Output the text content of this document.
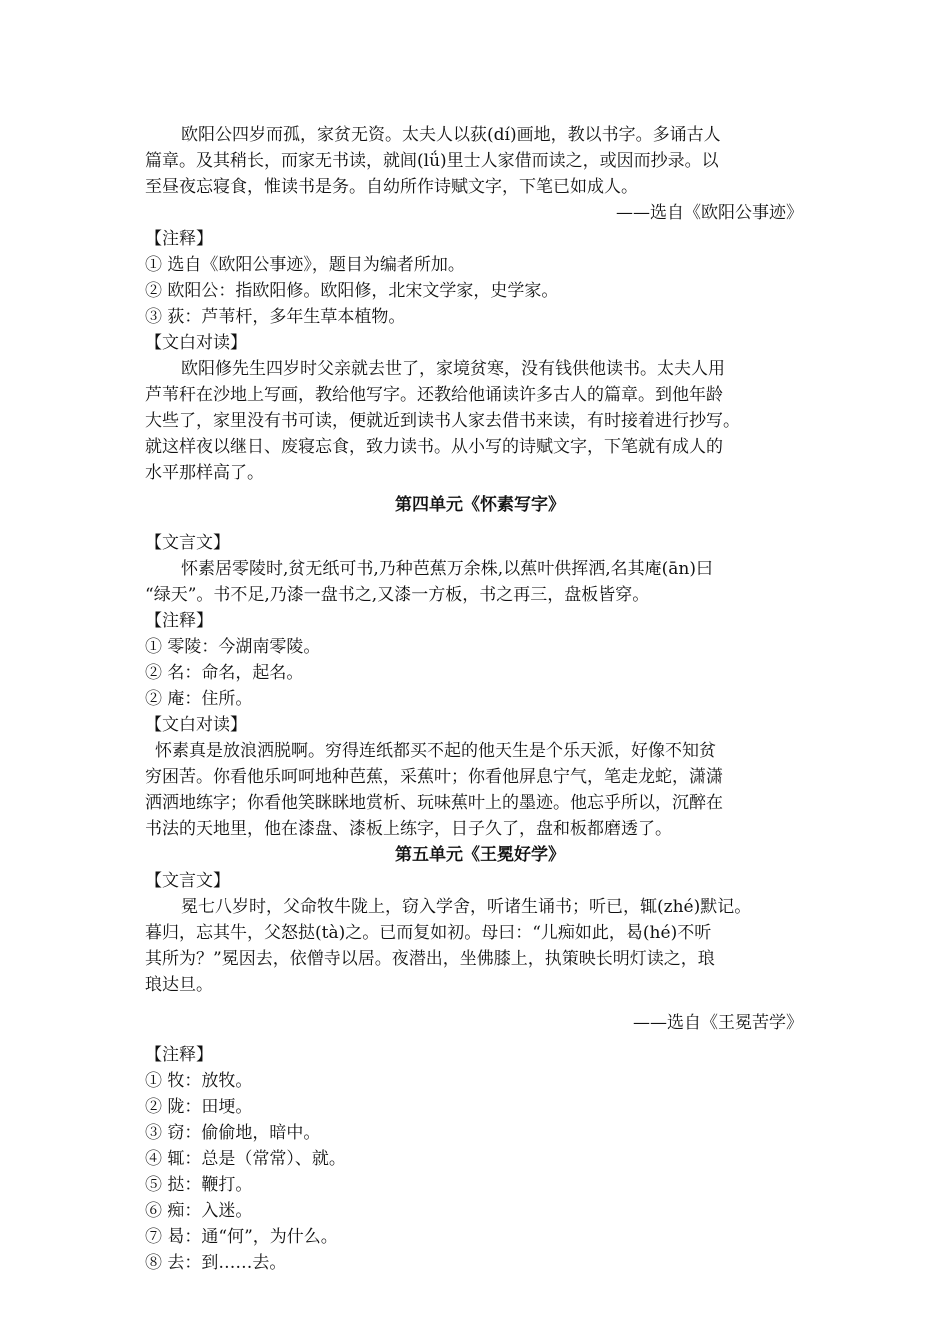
欧阳公四岁而孤，家贫无资。太夫人以荻(dí)画地，教以书字。多诵古人
篇章。及其稍长，而家无书读，就闾(lǘ)里士人家借而读之，或因而抄录。以
至昼夜忘寝食，惟读书是务。自幼所作诗赋文字，下笔已如成人。
——选自《欧阳公事迹》
【注释】
① 选自《欧阳公事迹》，题目为编者所加。
② 欧阳公：指欧阳修。欧阳修，北宋文学家，史学家。
③ 荻：芦苇杆，多年生草本植物。
【文白对读】
欧阳修先生四岁时父亲就去世了，家境贫寒，没有钱供他读书。太夫人用
芦苇秆在沙地上写画，教给他写字。还教给他诵读许多古人的篇章。到他年龄
大些了，家里没有书可读，便就近到读书人家去借书来读，有时接着进行抄写。
就这样夜以继日、废寝忘食，致力读书。从小写的诗赋文字，下笔就有成人的
水平那样高了。
第四单元《怀素写字》
【文言文】
怀素居零陵时,贫无纸可书,乃种芭蕉万余株,以蕉叶供挥洒,名其庵(ān)曰
“绿天”。书不足,乃漆一盘书之,又漆一方板，书之再三，盘板皆穿。
【注释】
① 零陵：今湖南零陵。
② 名：命名，起名。
② 庵：住所。
【文白对读】
怀素真是放浪洒脱啊。穷得连纸都买不起的他天生是个乐天派，好像不知贫
穷困苦。你看他乐呵呵地种芭蕉，采蕉叶；你看他屏息宁气，笔走龙蛇，潇潇
洒洒地练字；你看他笑眯眯地赏析、玩味蕉叶上的墨迹。他忘乎所以，沉醉在
书法的天地里，他在漆盘、漆板上练字，日子久了，盘和板都磨透了。
第五单元《王冕好学》
【文言文】
冕七八岁时，父命牧牛陇上，窃入学舍，听诸生诵书；听已，辄(zhé)默记。
暮归，忘其牛，父怒挞(tà)之。已而复如初。母曰：“儿痴如此，曷(hé)不听
其所为？”冕因去，依僧寺以居。夜潜出，坐佛膝上，执策映长明灯读之，琅
琅达旦。
——选自《王冕苦学》
【注释】
① 牧：放牧。
② 陇：田埂。
③ 窃：偷偷地，暗中。
④ 辄：总是（常常）、就。
⑤ 挞：鞭打。
⑥ 痴：入迷。
⑦ 曷：通“何”，为什么。
⑧ 去：到……去。
